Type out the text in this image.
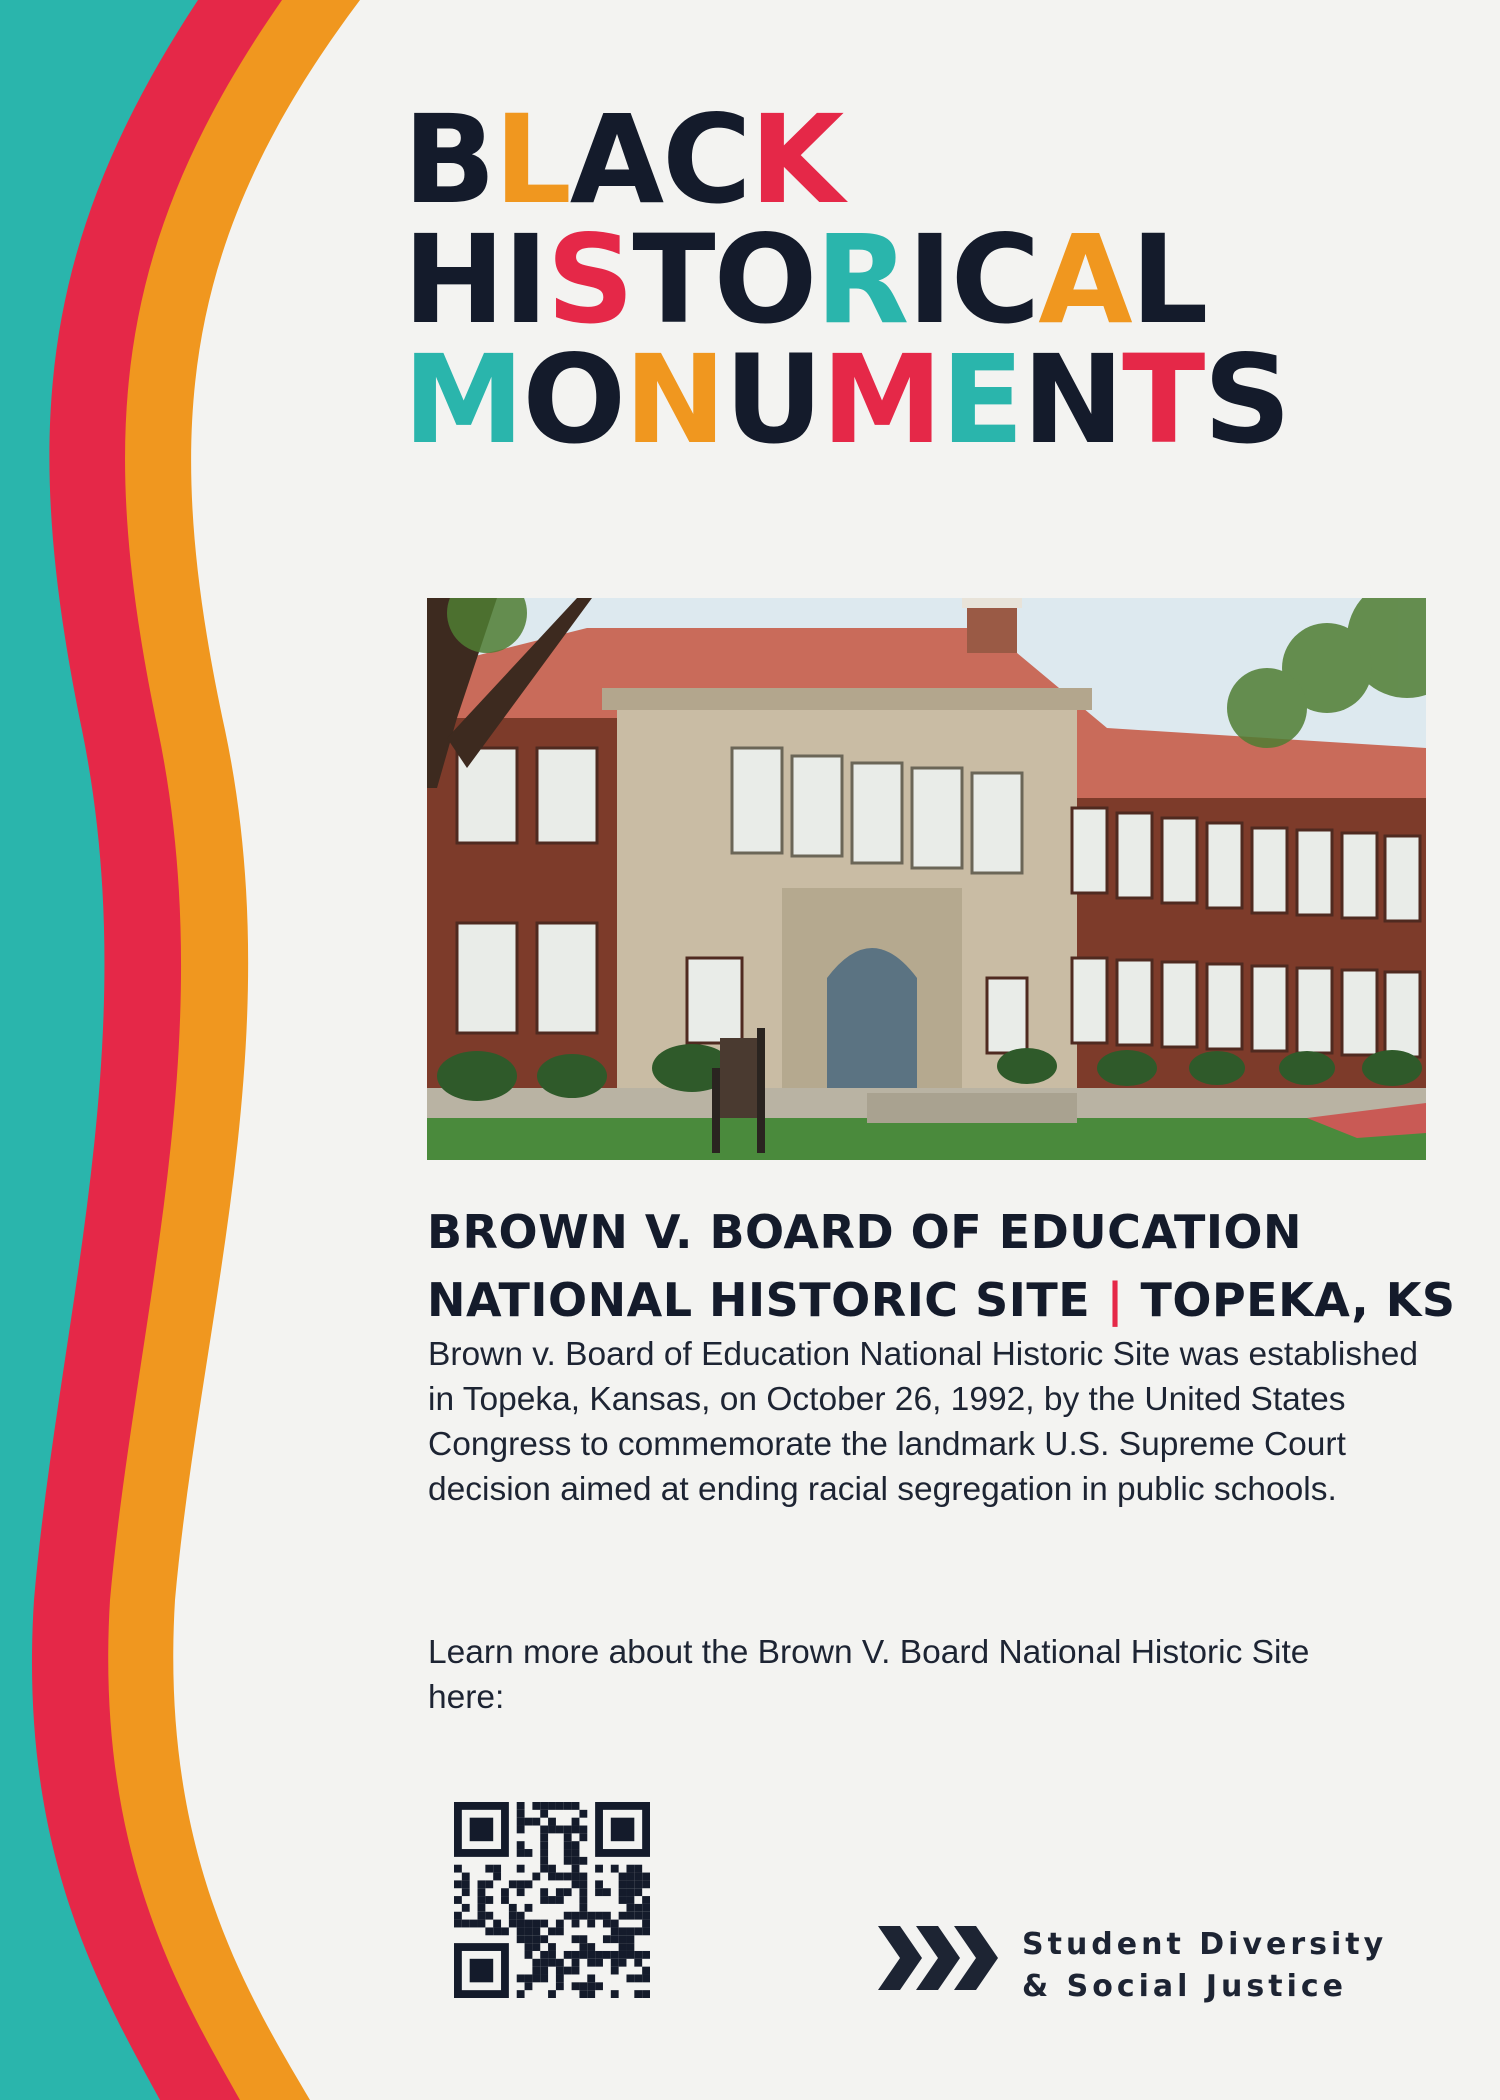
BLACK
HISTORICAL
MONUMENTS
BROWN V. BOARD OF EDUCATION
NATIONAL HISTORIC SITE | TOPEKA, KS

Brown v. Board of Education National Historic Site was established in Topeka, Kansas, on October 26, 1992, by the United States Congress to commemorate the landmark U.S. Supreme Court decision aimed at ending racial segregation in public schools.

Learn more about the Brown V. Board National Historic Site here:

Student Diversity
& Social Justice
